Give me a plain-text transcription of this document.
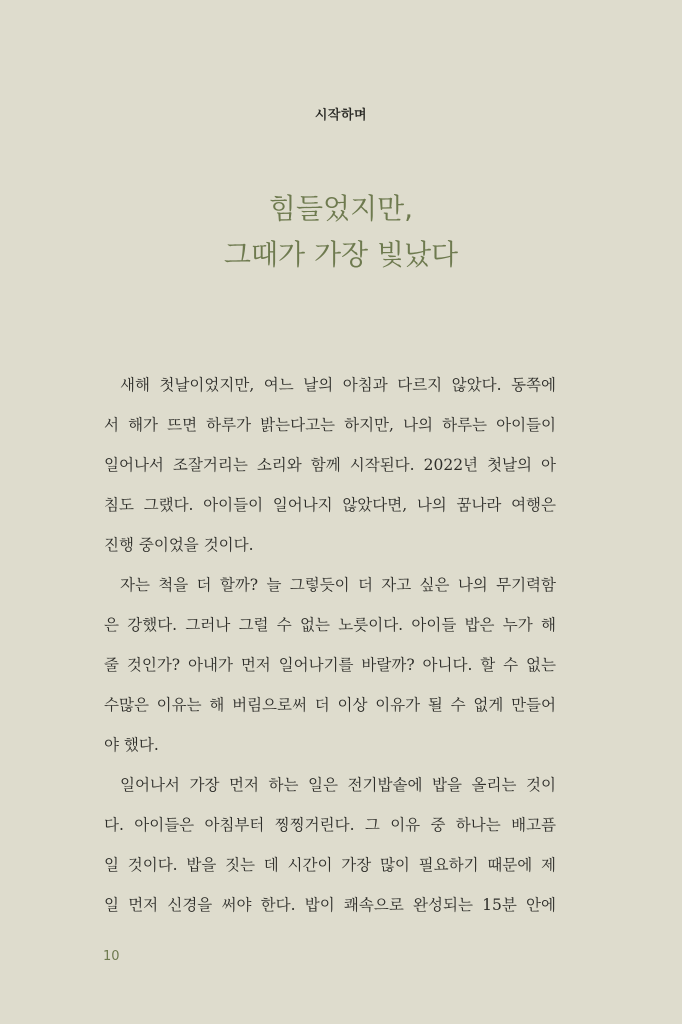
시작하며
힘들었지만,
그때가 가장 빛났다
새해 첫날이었지만, 여느 날의 아침과 다르지 않았다. 동쪽에
서 해가 뜨면 하루가 밝는다고는 하지만, 나의 하루는 아이들이
일어나서 조잘거리는 소리와 함께 시작된다. 2022년 첫날의 아
침도 그랬다. 아이들이 일어나지 않았다면, 나의 꿈나라 여행은
진행 중이었을 것이다.
자는 척을 더 할까? 늘 그렇듯이 더 자고 싶은 나의 무기력함
은 강했다. 그러나 그럴 수 없는 노릇이다. 아이들 밥은 누가 해
줄 것인가? 아내가 먼저 일어나기를 바랄까? 아니다. 할 수 없는
수많은 이유는 해 버림으로써 더 이상 이유가 될 수 없게 만들어
야 했다.
일어나서 가장 먼저 하는 일은 전기밥솥에 밥을 올리는 것이
다. 아이들은 아침부터 찡찡거린다. 그 이유 중 하나는 배고픔
일 것이다. 밥을 짓는 데 시간이 가장 많이 필요하기 때문에 제
일 먼저 신경을 써야 한다. 밥이 쾌속으로 완성되는 15분 안에
10
